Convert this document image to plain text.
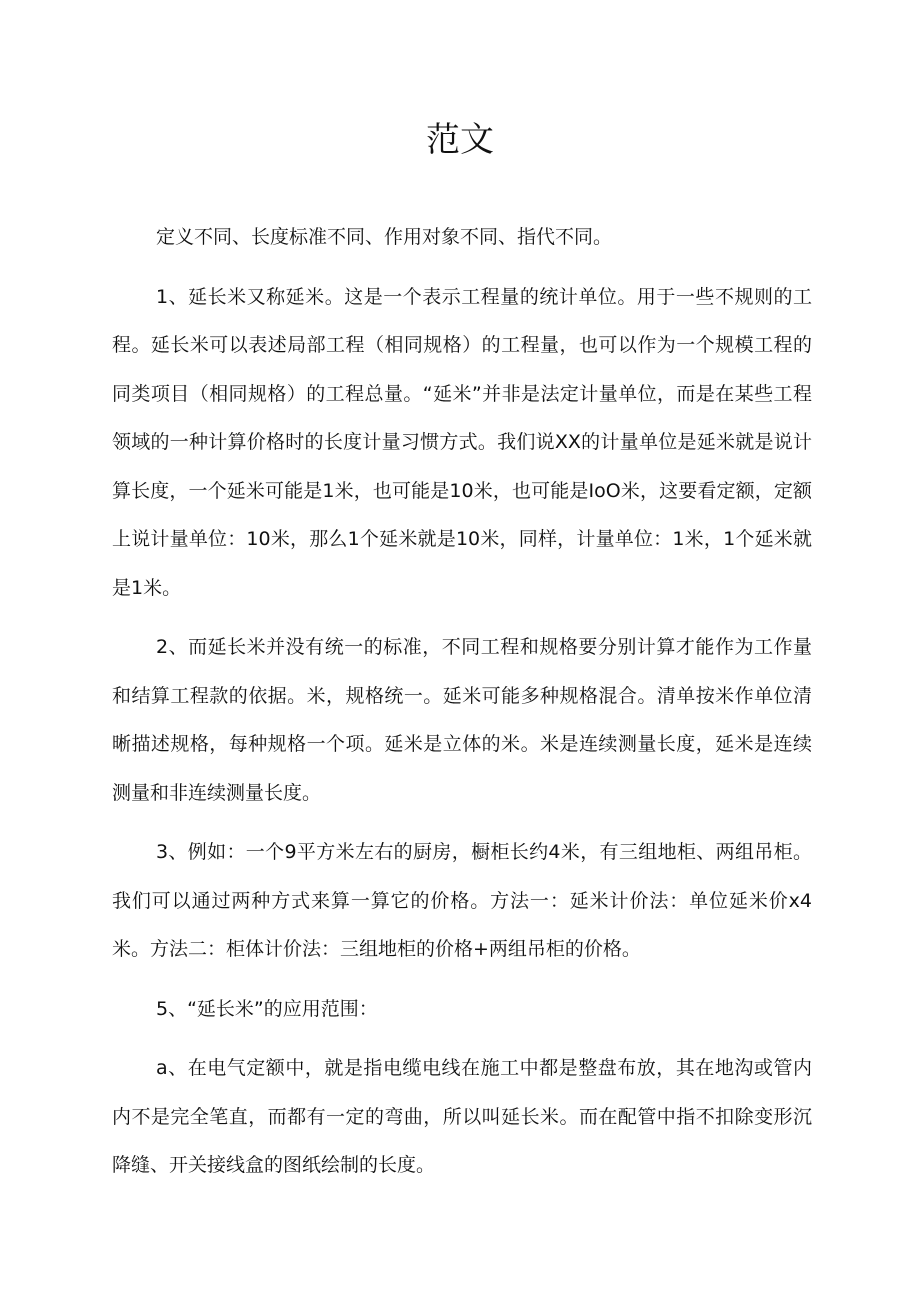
范文

定义不同、长度标准不同、作用对象不同、指代不同。

1、延长米又称延米。这是一个表示工程量的统计单位。用于一些不规则的工程。延长米可以表述局部工程（相同规格）的工程量，也可以作为一个规模工程的同类项目（相同规格）的工程总量。“延米”并非是法定计量单位，而是在某些工程领域的一种计算价格时的长度计量习惯方式。我们说XX的计量单位是延米就是说计算长度，一个延米可能是1米，也可能是10米，也可能是IoO米，这要看定额，定额上说计量单位：10米，那么1个延米就是10米，同样，计量单位：1米，1个延米就是1米。

2、而延长米并没有统一的标准，不同工程和规格要分别计算才能作为工作量和结算工程款的依据。米，规格统一。延米可能多种规格混合。清单按米作单位清晰描述规格，每种规格一个项。延米是立体的米。米是连续测量长度，延米是连续测量和非连续测量长度。

3、例如：一个9平方米左右的厨房，橱柜长约4米，有三组地柜、两组吊柜。我们可以通过两种方式来算一算它的价格。方法一：延米计价法：单位延米价x4米。方法二：柜体计价法：三组地柜的价格+两组吊柜的价格。

5、“延长米”的应用范围：

a、在电气定额中，就是指电缆电线在施工中都是整盘布放，其在地沟或管内内不是完全笔直，而都有一定的弯曲，所以叫延长米。而在配管中指不扣除变形沉降缝、开关接线盒的图纸绘制的长度。
